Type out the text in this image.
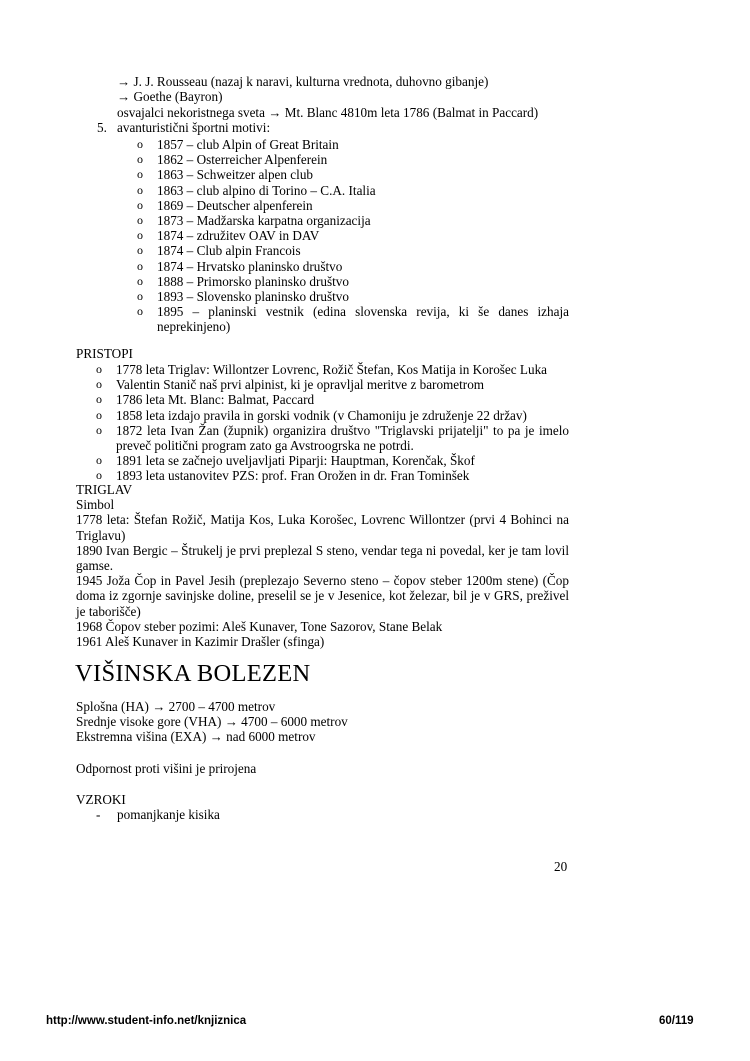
→ J. J. Rousseau (nazaj k naravi, kulturna vrednota, duhovno gibanje)
→ Goethe (Bayron)
osvajalci nekoristnega sveta → Mt. Blanc 4810m leta 1786 (Balmat in Paccard)
5. avanturistični športni motivi:
o 1857 – club Alpin of Great Britain
o 1862 – Osterreicher Alpenferein
o 1863 – Schweitzer alpen club
o 1863 – club alpino di Torino – C.A. Italia
o 1869 – Deutscher alpenferein
o 1873 – Madžarska karpatna organizacija
o 1874 – združitev OAV in DAV
o 1874 – Club alpin Francois
o 1874 – Hrvatsko planinsko društvo
o 1888 – Primorsko planinsko društvo
o 1893 – Slovensko planinsko društvo
o 1895 – planinski vestnik (edina slovenska revija, ki še danes izhaja neprekinjeno)
PRISTOPI
o 1778 leta Triglav: Willontzer Lovrenc, Rožič Štefan, Kos Matija in Korošec Luka
o Valentin Stanič naš prvi alpinist, ki je opravljal meritve z barometrom
o 1786 leta Mt. Blanc: Balmat, Paccard
o 1858 leta izdajo pravila in gorski vodnik (v Chamoniju je združenje 22 držav)
o 1872 leta Ivan Žan (župnik) organizira društvo "Triglavski prijatelji" to pa je imelo preveč politični program zato ga Avstroogrska ne potrdi.
o 1891 leta se začnejo uveljavljati Piparji: Hauptman, Korenčak, Škof
o 1893 leta ustanovitev PZS: prof. Fran Orožen in dr. Fran Tominšek
TRIGLAV
Simbol
1778 leta: Štefan Rožič, Matija Kos, Luka Korošec, Lovrenc Willontzer (prvi 4 Bohinci na Triglavu)
1890 Ivan Bergic – Štrukelj je prvi preplezal S steno, vendar tega ni povedal, ker je tam lovil gamse.
1945 Joža Čop in Pavel Jesih (preplezajo Severno steno – čopov steber 1200m stene) (Čop doma iz zgornje savinjske doline, preselil se je v Jesenice, kot železar, bil je v GRS, preživel je taborišče)
1968 Čopov steber pozimi: Aleš Kunaver, Tone Sazorov, Stane Belak
1961 Aleš Kunaver in Kazimir Drašler (sfinga)
VIŠINSKA BOLEZEN
Splošna (HA) → 2700 – 4700 metrov
Srednje visoke gore (VHA) → 4700 – 6000 metrov
Ekstremna višina (EXA) → nad 6000 metrov
Odpornost proti višini je prirojena
VZROKI
- pomanjkanje kisika
20
http://www.student-info.net/knjiznica	60/119
